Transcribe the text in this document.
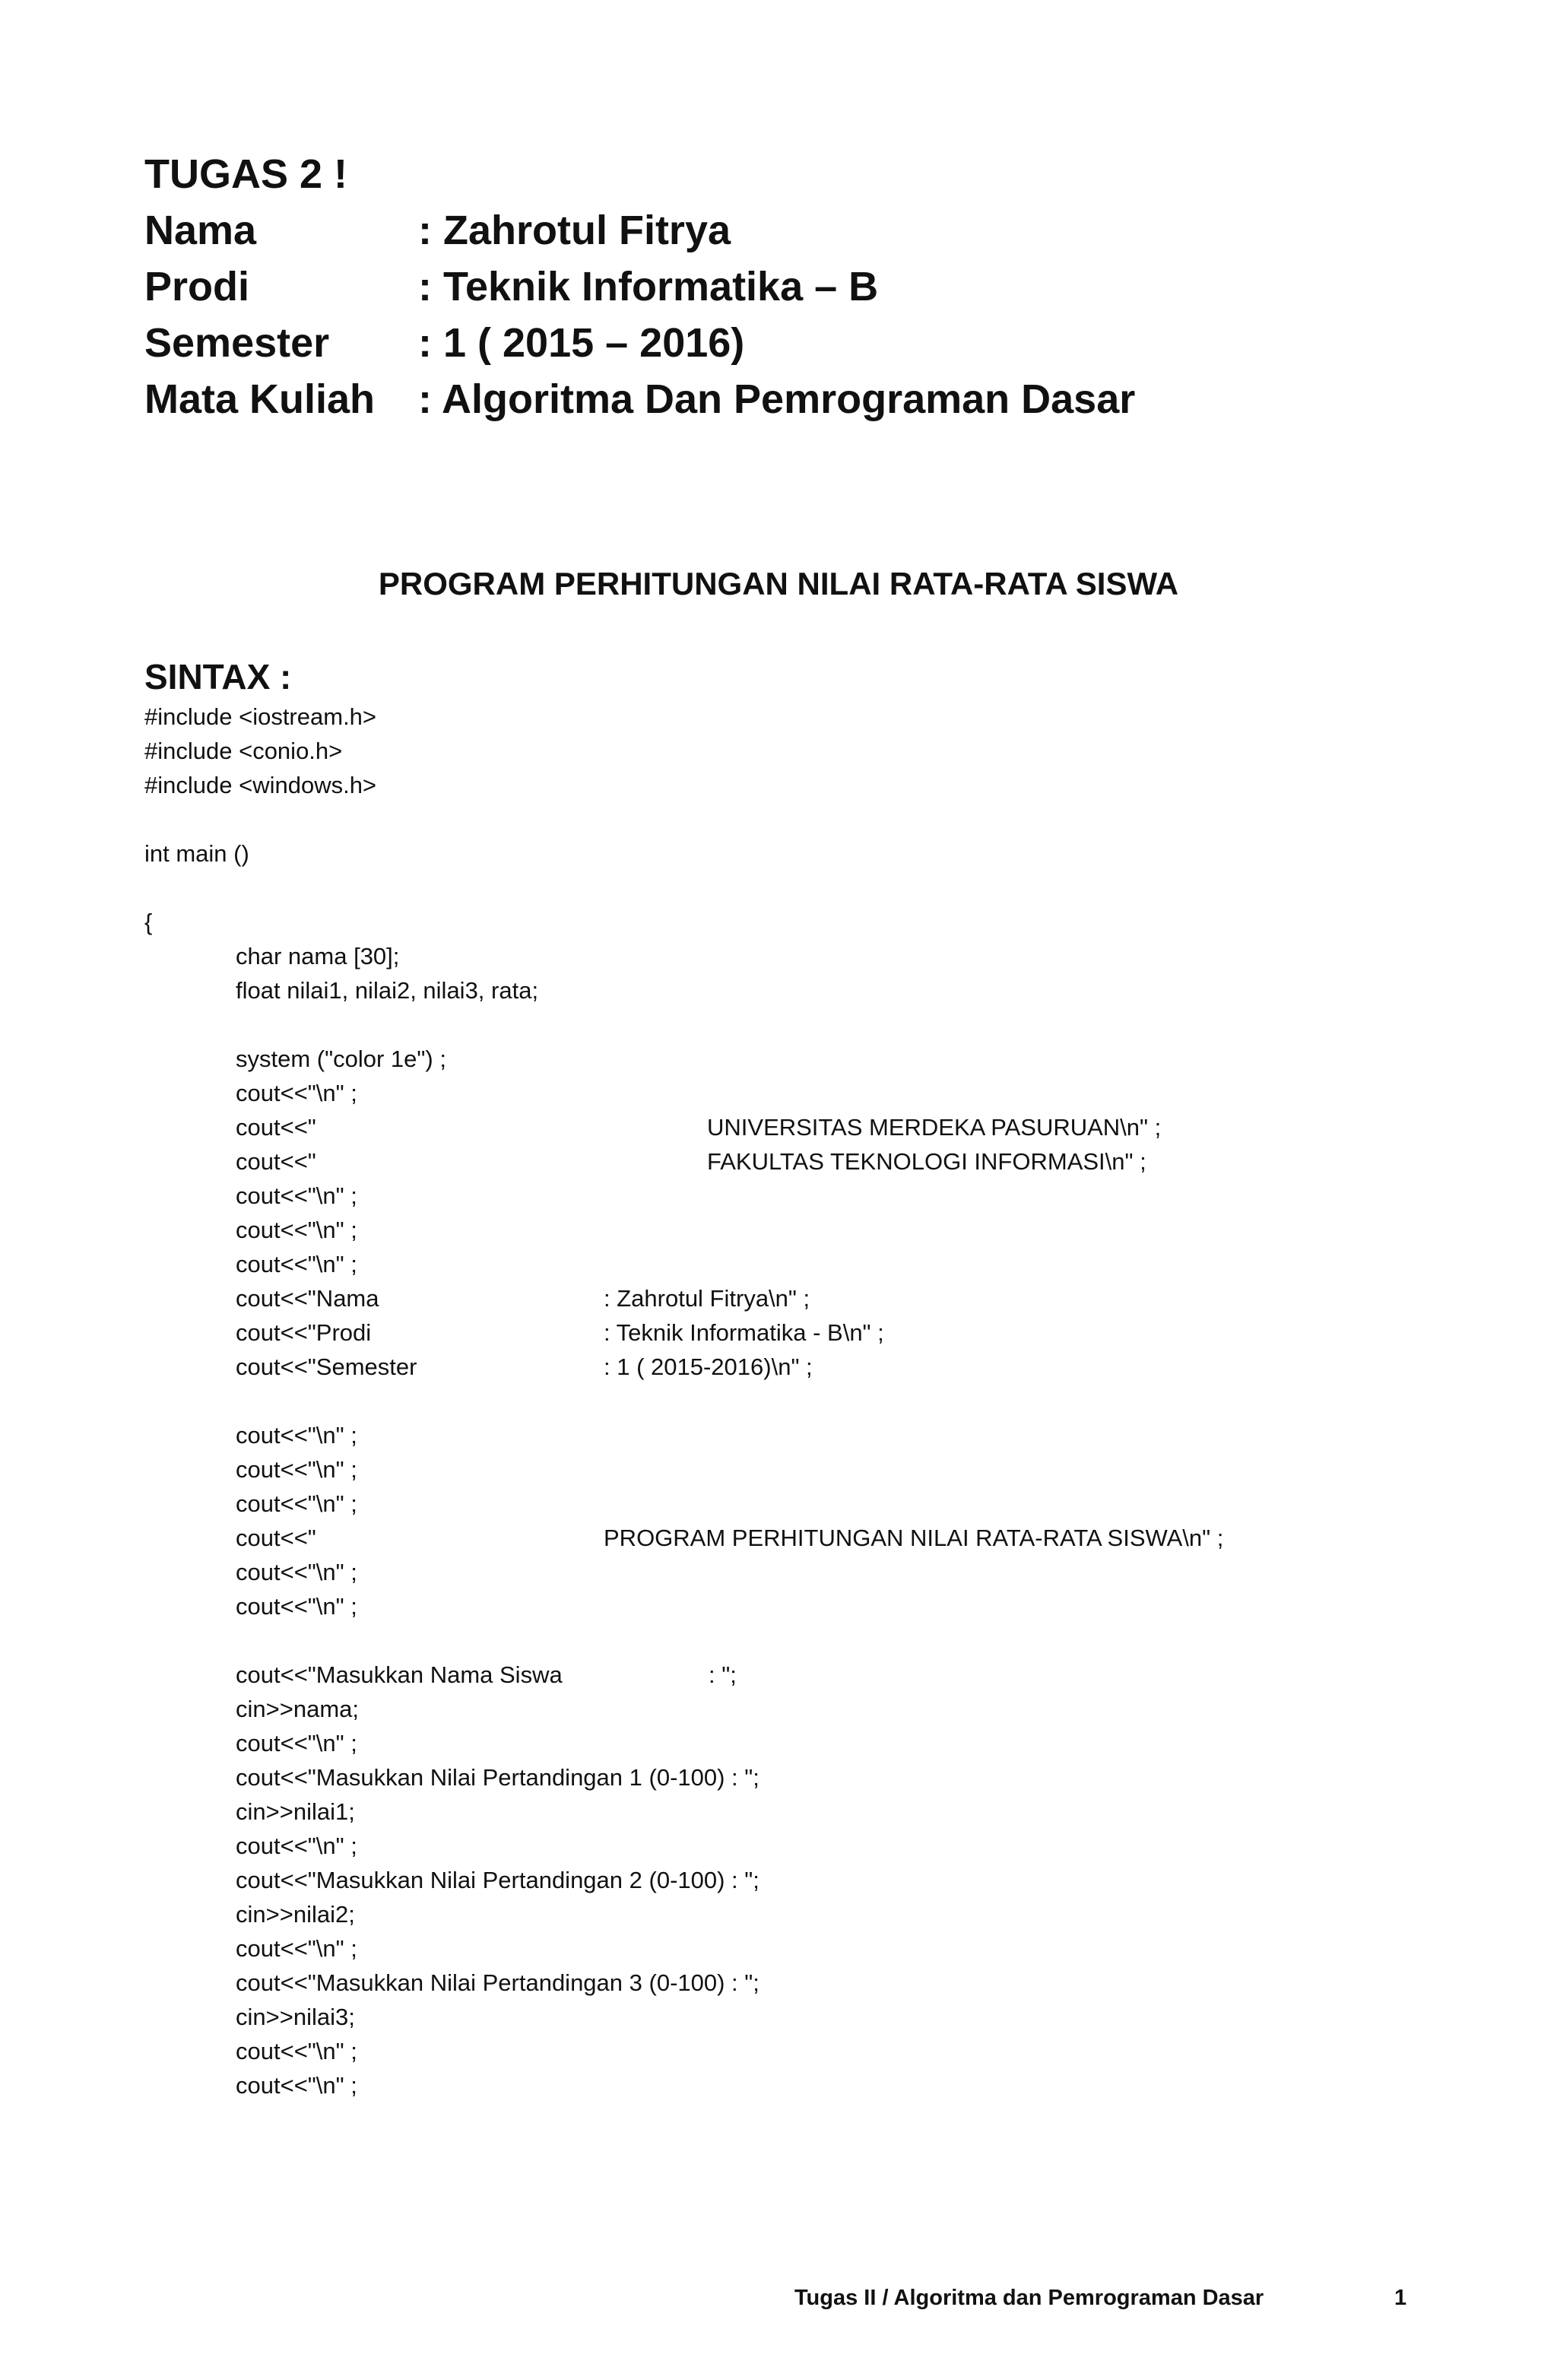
TUGAS 2 !
Nama	: Zahrotul Fitrya
Prodi	: Teknik Informatika – B
Semester : 1 ( 2015 – 2016)
Mata Kuliah : Algoritma Dan Pemrograman Dasar
PROGRAM PERHITUNGAN NILAI RATA-RATA SISWA
SINTAX :
#include <iostream.h>
#include <conio.h>
#include <windows.h>
int main ()
{
char nama [30];
float nilai1, nilai2, nilai3, rata;
system ("color 1e") ;
cout<<"\n" ;
cout<<"	UNIVERSITAS MERDEKA PASURUAN\n" ;
cout<<"	FAKULTAS TEKNOLOGI INFORMASI\n" ;
cout<<"\n" ;
cout<<"\n" ;
cout<<"\n" ;
cout<<"Nama	: Zahrotul Fitrya\n" ;
cout<<"Prodi	: Teknik Informatika - B\n" ;
cout<<"Semester	: 1 ( 2015-2016)\n" ;
cout<<"\n" ;
cout<<"\n" ;
cout<<"\n" ;
cout<<"	PROGRAM PERHITUNGAN NILAI RATA-RATA SISWA\n" ;
cout<<"\n" ;
cout<<"\n" ;
cout<<"Masukkan Nama Siswa	: ";
cin>>nama;
cout<<"\n" ;
cout<<"Masukkan Nilai Pertandingan 1 (0-100) : ";
cin>>nilai1;
cout<<"\n" ;
cout<<"Masukkan Nilai Pertandingan 2 (0-100) : ";
cin>>nilai2;
cout<<"\n" ;
cout<<"Masukkan Nilai Pertandingan 3 (0-100) : ";
cin>>nilai3;
cout<<"\n" ;
cout<<"\n" ;
Tugas II / Algoritma dan Pemrograman Dasar	1
